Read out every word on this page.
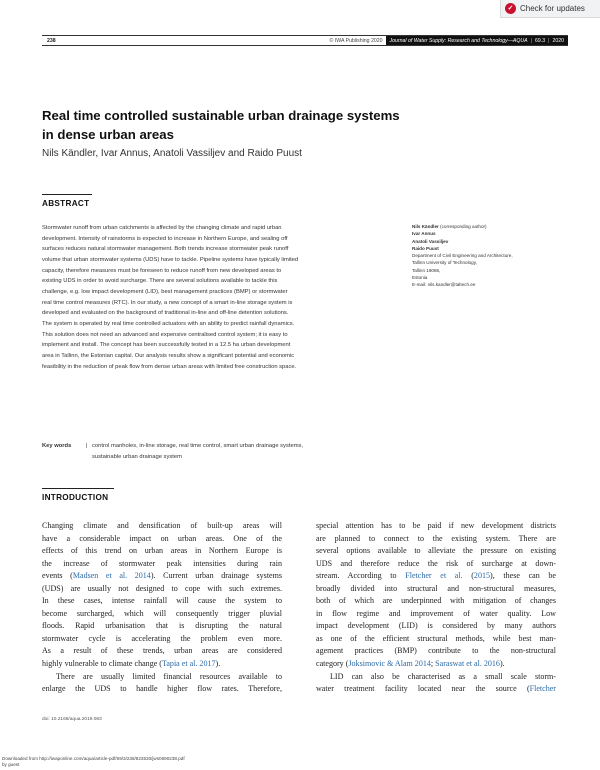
✓ Check for updates
238	© IWA Publishing 2020	Journal of Water Supply: Research and Technology—AQUA | 69.3 | 2020
Real time controlled sustainable urban drainage systems
in dense urban areas
Nils Kändler, Ivar Annus, Anatoli Vassiljev and Raido Puust
ABSTRACT
Stormwater runoff from urban catchments is affected by the changing climate and rapid urban
development. Intensity of rainstorms is expected to increase in Northern Europe, and sealing off
surfaces reduces natural stormwater management. Both trends increase stormwater peak runoff
volume that urban stormwater systems (UDS) have to tackle. Pipeline systems have typically limited
capacity, therefore measures must be foreseen to reduce runoff from new developed areas to
existing UDS in order to avoid surcharge. There are several solutions available to tackle this
challenge, e.g. low impact development (LID), best management practices (BMP) or stormwater
real time control measures (RTC). In our study, a new concept of a smart in-line storage system is
developed and evaluated on the background of traditional in-line and off-line detention solutions.
The system is operated by real time controlled actuators with an ability to predict rainfall dynamics.
This solution does not need an advanced and expensive centralised control system; it is easy to
implement and install. The concept has been successfully tested in a 12.5 ha urban development
area in Tallinn, the Estonian capital. Our analysis results show a significant potential and economic
feasibility in the reduction of peak flow from dense urban areas with limited free construction space.
Nils Kändler (corresponding author)
Ivar Annus
Anatoli Vassiljev
Raido Puust
Department of Civil Engineering and Architecture,
Tallinn University of Technology,
Tallinn 19086,
Estonia
E-mail: nils.kandler@taltech.ee
Key words	| control manholes, in-line storage, real time control, smart urban drainage systems,
sustainable urban drainage system
INTRODUCTION
Changing climate and densification of built-up areas will
have a considerable impact on urban areas. One of the
effects of this trend on urban areas in Northern Europe is
the increase of stormwater peak intensities during rain
events (Madsen et al. 2014). Current urban drainage systems
(UDS) are usually not designed to cope with such extremes.
In these cases, intense rainfall will cause the system to
become surcharged, which will consequently trigger pluvial
floods. Rapid urbanisation that is disrupting the natural
stormwater cycle is accelerating the problem even more.
As a result of these trends, urban areas are considered
highly vulnerable to climate change (Tapia et al. 2017).
There are usually limited financial resources available to
enlarge the UDS to handle higher flow rates. Therefore,
special attention has to be paid if new development districts
are planned to connect to the existing system. There are
several options available to alleviate the pressure on existing
UDS and therefore reduce the risk of surcharge at down-
stream. According to Fletcher et al. (2015), these can be
broadly divided into structural and non-structural measures,
both of which are underpinned with mitigation of changes
in flow regime and improvement of water quality. Low
impact development (LID) is considered by many authors
as one of the efficient structural methods, while best man-
agement practices (BMP) contribute to the non-structural
category (Joksimovic & Alam 2014; Saraswat et al. 2016).
LID can also be characterised as a small scale storm-
water treatment facility located near the source (Fletcher
doi: 10.2166/aqua.2019.083
Downloaded from http://iwaponline.com/aqua/article-pdf/69/3/238/823530/jws0690238.pdf
by guest
